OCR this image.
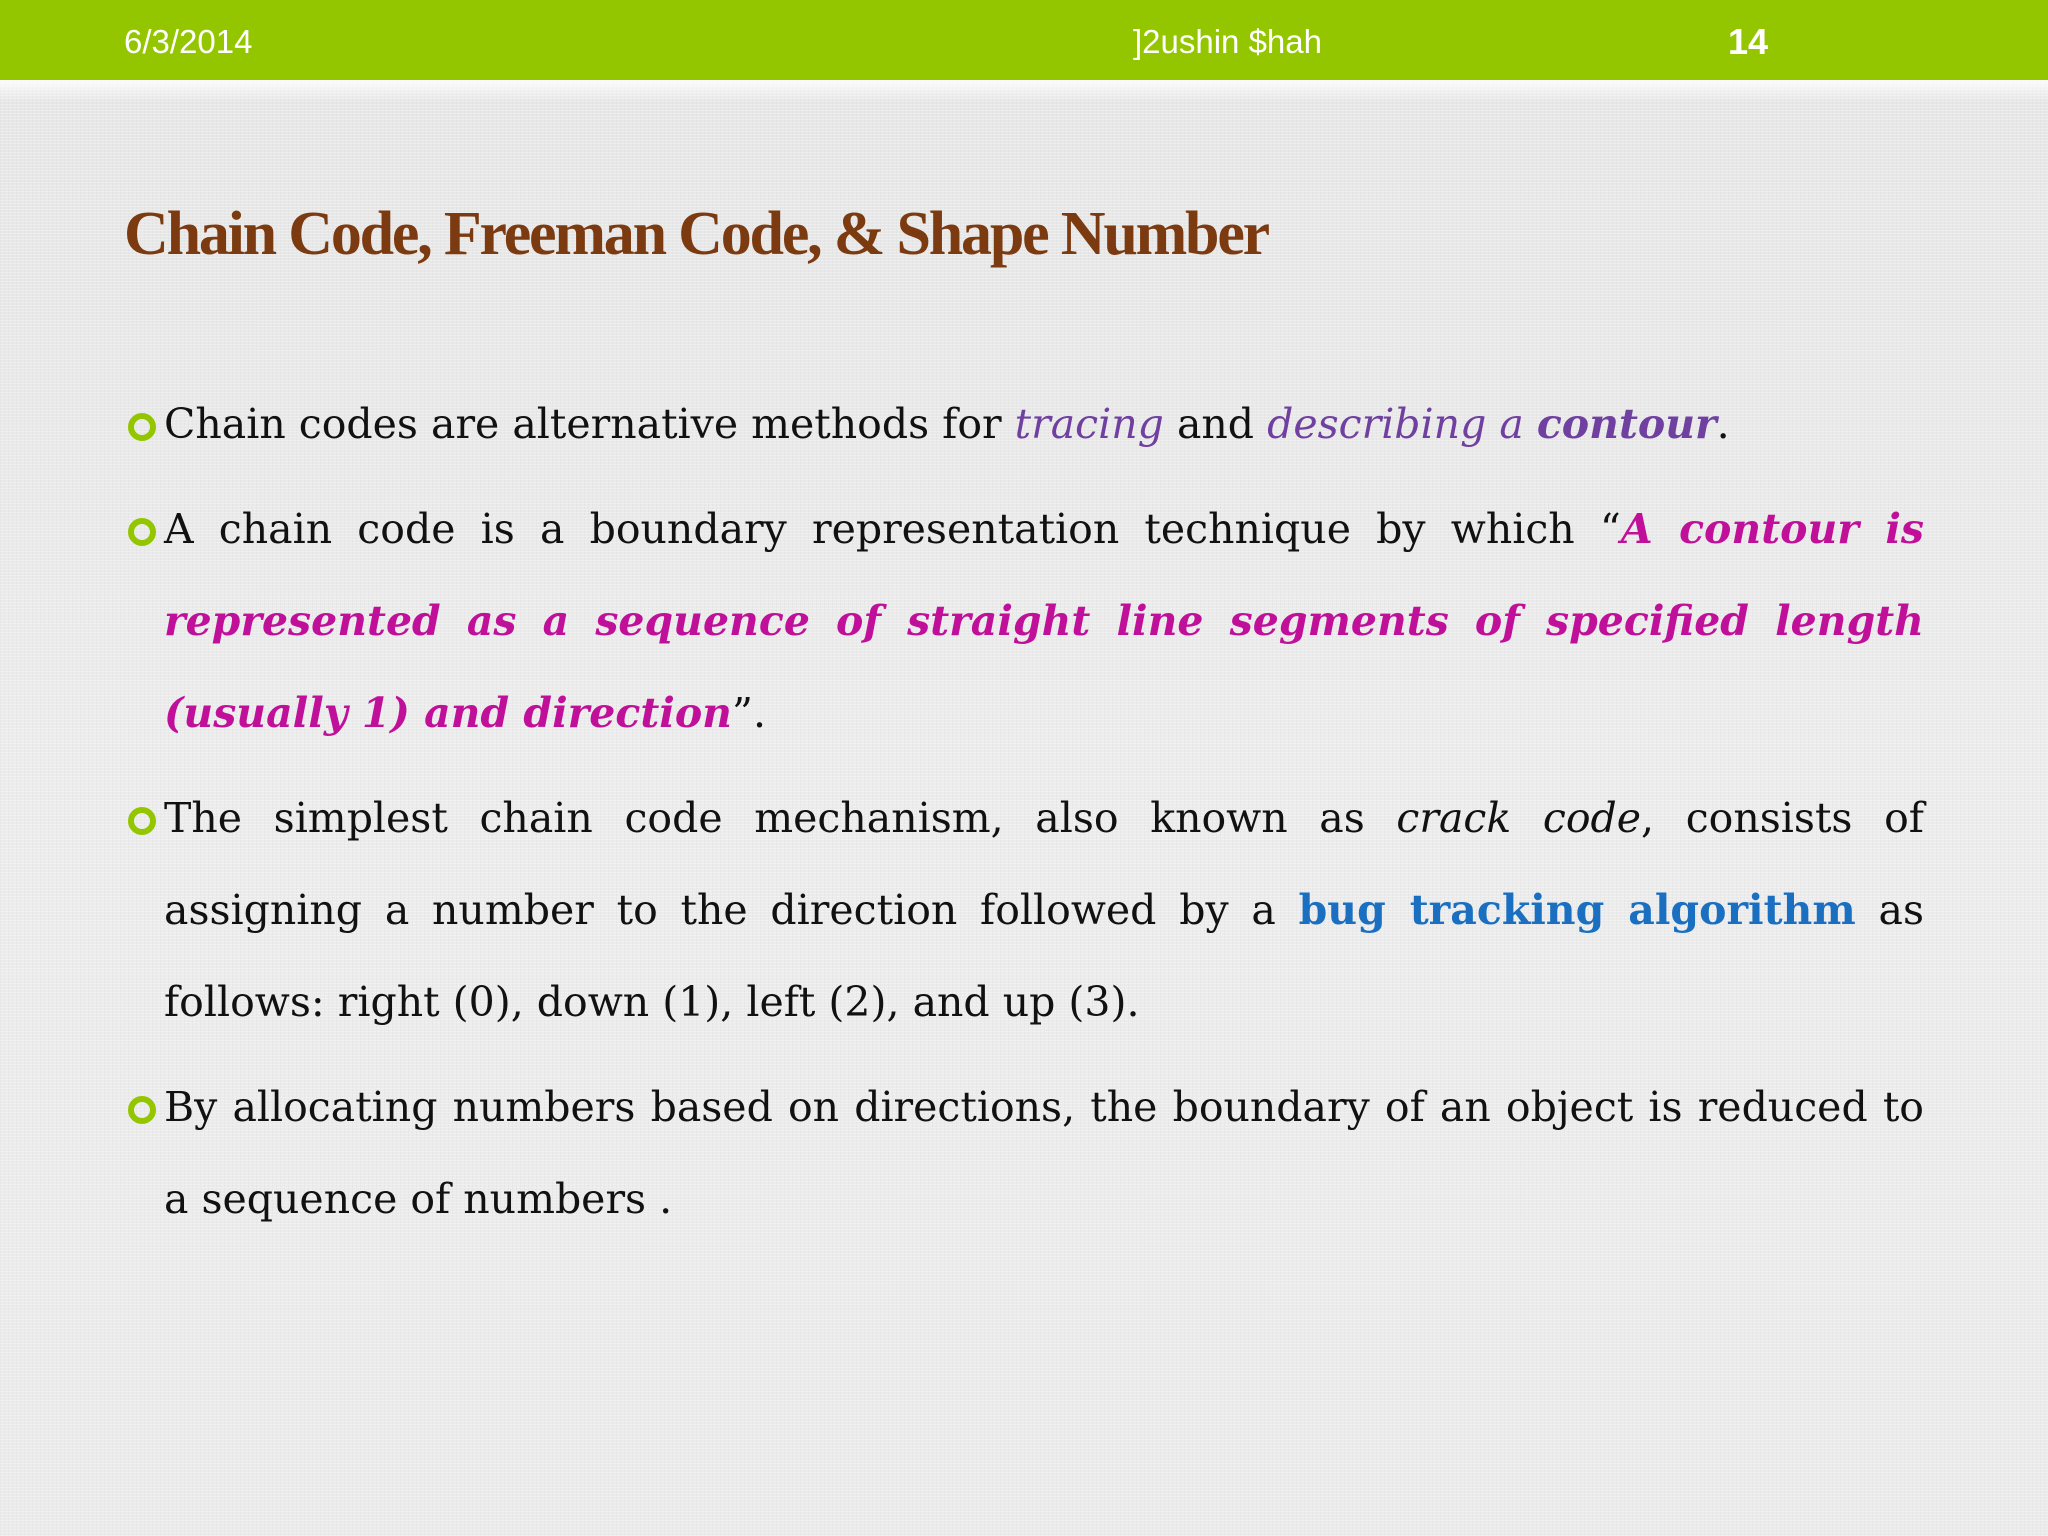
6/3/2014	]2ushin $hah	14
Chain Code, Freeman Code, & Shape Number
Chain codes are alternative methods for tracing and describing a contour.
A chain code is a boundary representation technique by which “A contour is represented as a sequence of straight line segments of specified length (usually 1) and direction”.
The simplest chain code mechanism, also known as crack code, consists of assigning a number to the direction followed by a bug tracking algorithm as follows: right (0), down (1), left (2), and up (3).
By allocating numbers based on directions, the boundary of an object is reduced to a sequence of numbers .
